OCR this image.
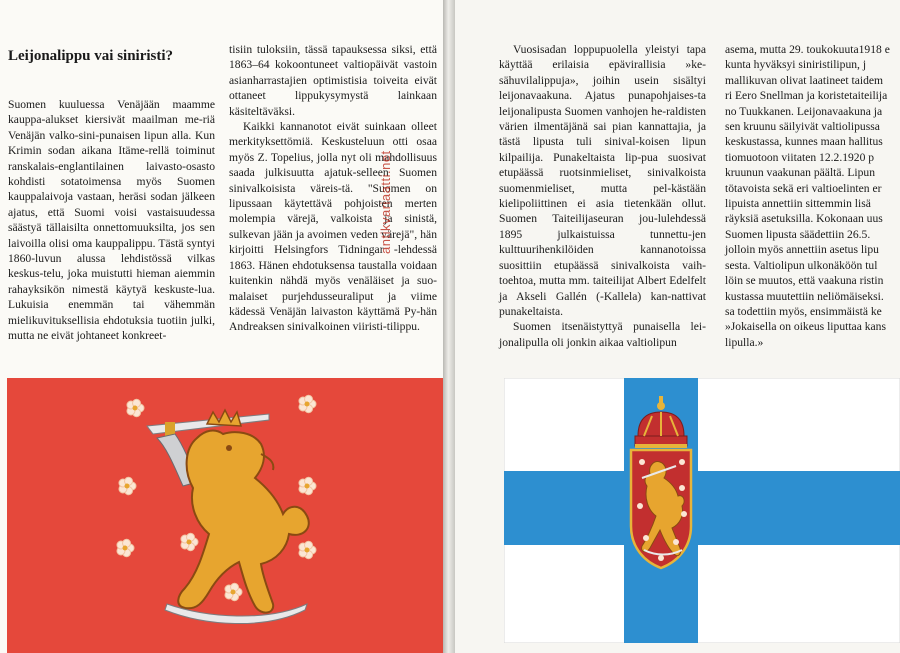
Leijonalippu vai siniristi?

Suomen kuuluessa Venäjään maamme kauppa-alukset kiersivät maailman me-riä Venäjän valko-sini-punaisen lipun alla. Kun Krimin sodan aikana Itäme-rellä toiminut ranskalais-englantilainen laivasto-osasto kohdisti sotatoimensa myös Suomen kauppalaivoja vastaan, heräsi sodan jälkeen ajatus, että Suomi voisi vastaisuudessa säästyä tällaisilta onnettomuuksilta, jos sen laivoilla olisi oma kauppalippu. Tästä syntyi 1860-luvun alussa lehdistössä vilkas keskus-telu, joka muistutti hieman aiemmin rahayksikön nimestä käytyä keskuste-lua. Lukuisia enemmän tai vähemmän mielikuvituksellisia ehdotuksia tuotiin julki, mutta ne eivät johtaneet konkreet-

tisiin tuloksiin, tässä tapauksessa siksi, että 1863–64 kokoontuneet valtiopäivät vastoin asianharrastajien optimistisia toiveita eivät ottaneet lippukysymystä lainkaan käsiteltäväksi.

Kaikki kannanotot eivät suinkaan olleet merkityksettömiä. Keskusteluun otti osaa myös Z. Topelius, jolla nyt oli mahdollisuus saada julkisuutta ajatuk-selleen Suomen sinivalkoisista väreis-tä. "Suomen on lipussaan käytettävä pohjoisten merten molempia värejä, valkoista ja sinistä, sulkevan jään ja avoimen veden värejä", hän kirjoitti Helsingfors Tidningar -lehdessä 1863. Hänen ehdotuksensa taustalla voidaan kuitenkin nähdä myös venäläiset ja suo-malaiset purjehdusseuraliput ja viime kädessä Venäjän laivaston käyttämä Py-hän Andreaksen sinivalkoinen viiristi-tilippu.

antikvariaatti.net

Vuosisadan loppupuolella yleistyi tapa käyttää erilaisia epävirallisia »ke-sähuvilalippuja», joihin usein sisältyi leijonavaakuna. Ajatus punapohjaises-ta leijonalipusta Suomen vanhojen he-raldisten värien ilmentäjänä sai pian kannattajia, ja tästä lipusta tuli sinival-koisen lipun kilpailija. Punakeltaista lip-pua suosivat etupäässä ruotsinmieliset, sinivalkoista suomenmieliset, mutta pel-kästään kielipoliittinen ei asia tietenkään ollut. Suomen Taiteilijaseuran jou-lulehdessä 1895 julkaistuissa tunnettu-jen kulttuurihenkilöiden kannanotoissa suosittiin etupäässä sinivalkoista vaih-toehtoa, mutta mm. taiteilijat Albert Edelfelt ja Akseli Gallén (-Kallela) kan-nattivat punakeltaista.

Suomen itsenäistyttyä punaisella lei-jonalipulla oli jonkin aikaa valtiolipun

asema, mutta 29. toukokuuta1918 e
kunta hyväksyi siniristilipun, j
mallikuvan olivat laatineet taidem
ri Eero Snellman ja koristetaiteilija
no Tuukkanen. Leijonavaakuna ja
sen kruunu säilyivät valtiolipussa
keskustassa, kunnes maan hallitus
tiomuotoon viitaten 12.2.1920 p
kruunun vaakunan päältä. Lipun
tötavoista sekä eri valtioelinten er
lipuista annettiin sittemmin lisä
räyksiä asetuksilla. Kokonaan uus
Suomen lipusta säädettiin 26.5.
jolloin myös annettiin asetus lipu
sesta. Valtiolipun ulkonäköön tul
löin se muutos, että vaakuna ristin
kustassa muutettiin neliömäiseksi.
sa todettiin myös, ensimmäistä ke
»Jokaisella on oikeus liputtaa kans
lipulla.»
